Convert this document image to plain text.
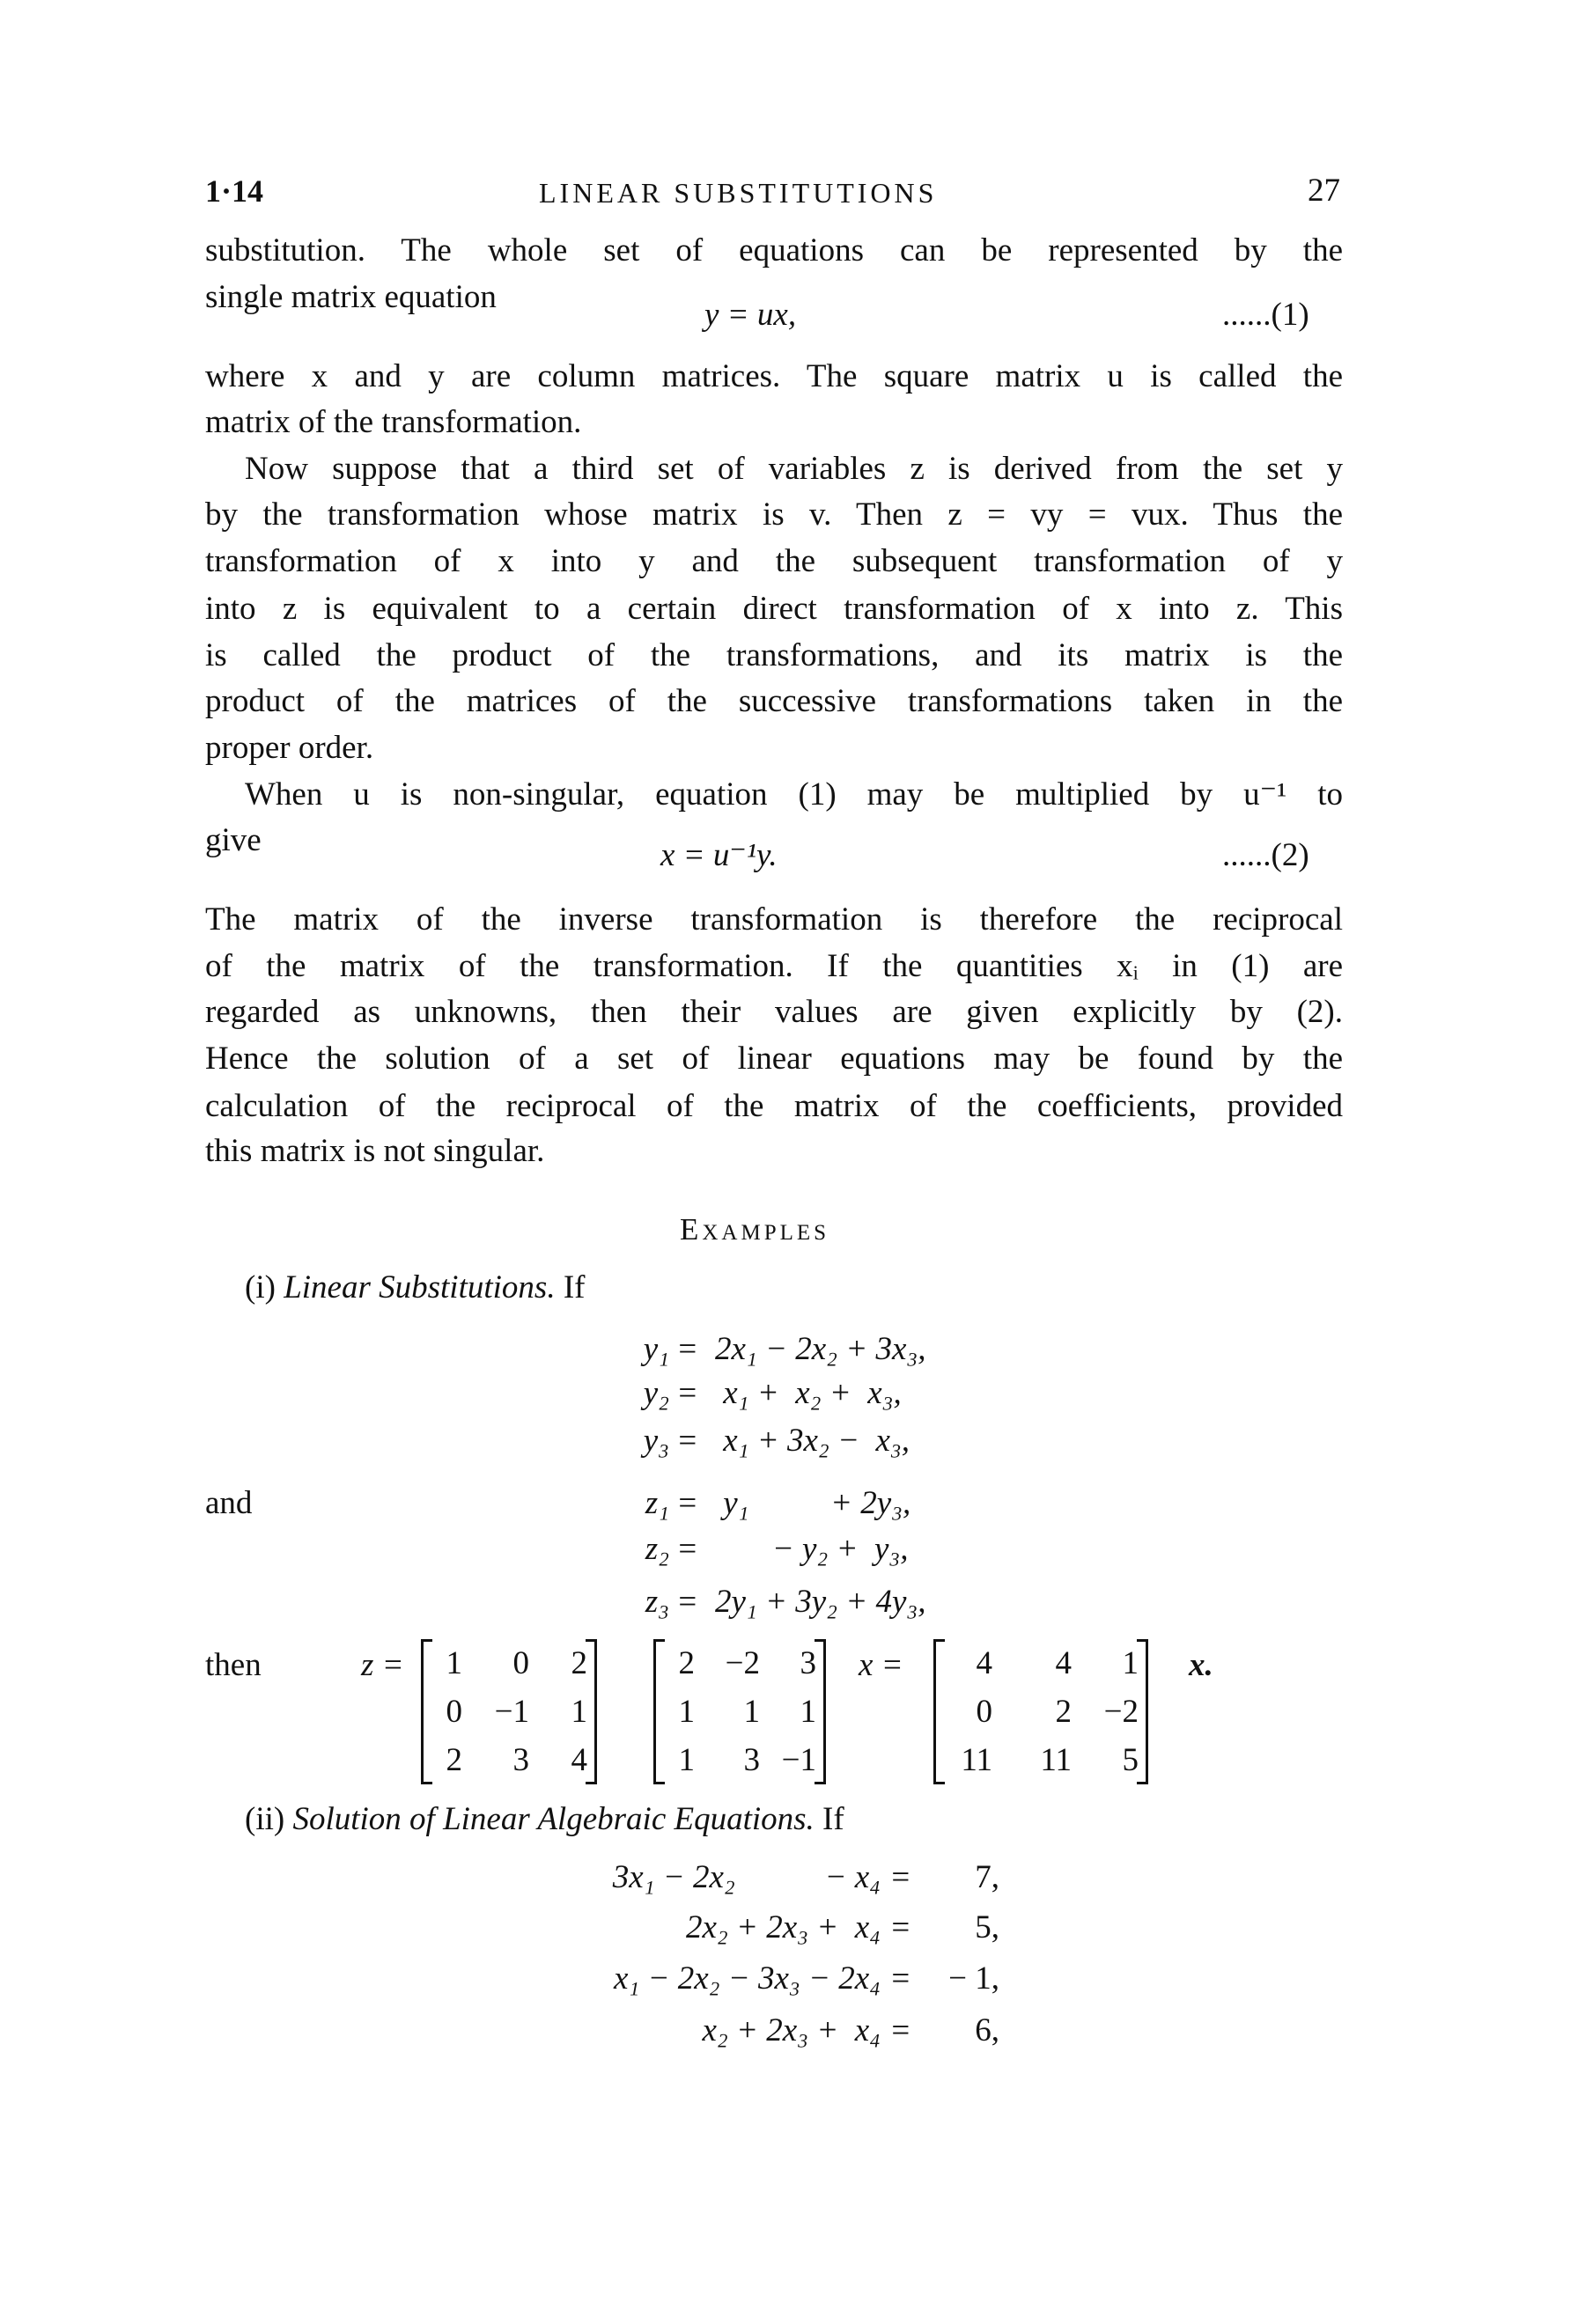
1·14	LINEAR SUBSTITUTIONS	27
substitution. The whole set of equations can be represented by the
single matrix equation	y = ux,	......(1)
where x and y are column matrices. The square matrix u is called the
matrix of the transformation.
Now suppose that a third set of variables z is derived from the set y
by the transformation whose matrix is v. Then z = vy = vux. Thus the
transformation of x into y and the subsequent transformation of y
into z is equivalent to a certain direct transformation of x into z. This
is called the product of the transformations, and its matrix is the
product of the matrices of the successive transformations taken in the
proper order.
When u is non-singular, equation (1) may be multiplied by u⁻¹ to
give	x = u⁻¹y.	......(2)
The matrix of the inverse transformation is therefore the reciprocal
of the matrix of the transformation. If the quantities xᵢ in (1) are
regarded as unknowns, then their values are given explicitly by (2).
Hence the solution of a set of linear equations may be found by the
calculation of the reciprocal of the matrix of the coefficients, provided
this matrix is not singular.
Examples
(i) Linear Substitutions. If
and
y₁ = 2x₁ − 2x₂ + 3x₃,
y₂ = x₁ +  x₂ +  x₃,
y₃ = x₁ + 3x₂ −  x₃,
z₁ = y₁          + 2y₃,
z₂ = − y₂ +  y₃,
z₃ = 2y₁ + 3y₂ + 4y₃,
then	z =	1	0	2
0 −1	1
2	3	4
2 −2	3
1	1	1
1	3 −1
x =	4	4	1
0	2 −2
11	11	5
x.
(ii) Solution of Linear Algebraic Equations. If
3x₁ − 2x₂           − x₄ =	7,
2x₂ + 2x₃ +  x₄ =	5,
x₁ − 2x₂ − 3x₃ − 2x₄ =	− 1,
x₂ + 2x₃ +  x₄ =	6,
